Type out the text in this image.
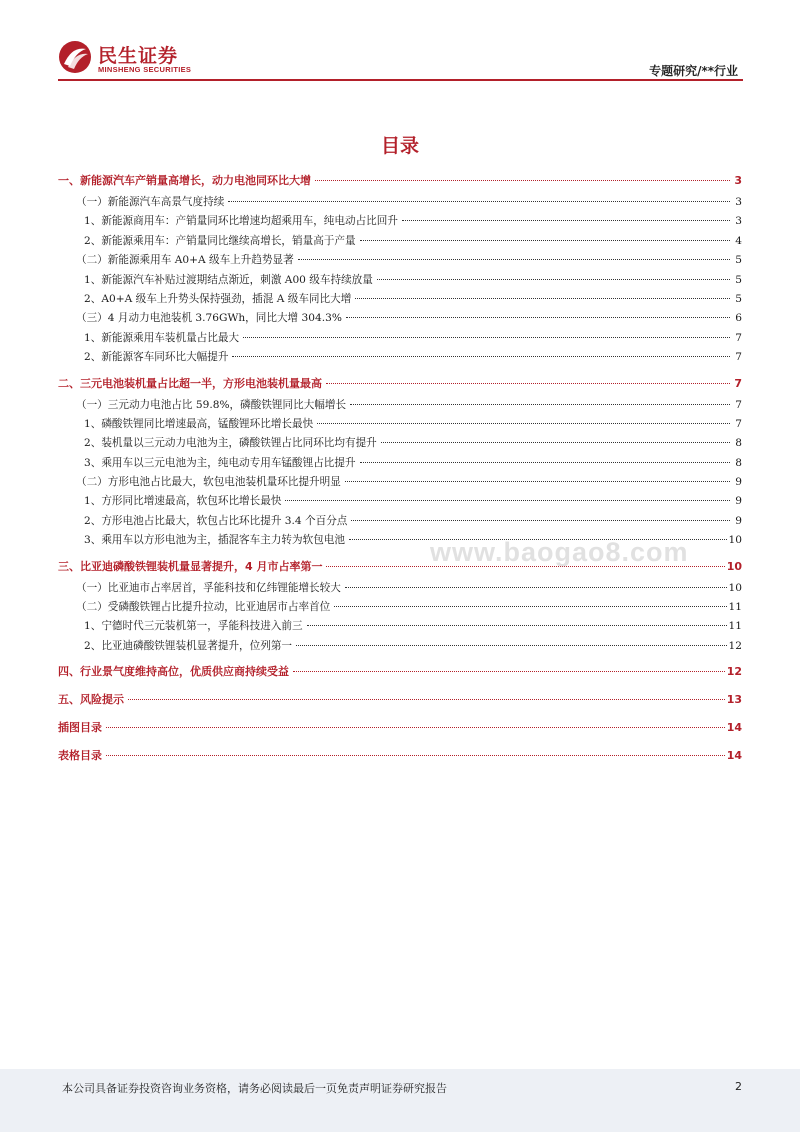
民生证券
MINSHENG SECURITIES	专题研究/**行业
目录
一、新能源汽车产销量高增长，动力电池同环比大增	3
（一）新能源汽车高景气度持续	3
1、新能源商用车：产销量同环比增速均超乘用车，纯电动占比回升	3
2、新能源乘用车：产销量同比继续高增长，销量高于产量	4
（二）新能源乘用车 A0+A 级车上升趋势显著	5
1、新能源汽车补贴过渡期结点渐近，刺激 A00 级车持续放量	5
2、A0+A 级车上升势头保持强劲，插混 A 级车同比大增	5
（三）4 月动力电池装机 3.76GWh，同比大增 304.3%	6
1、新能源乘用车装机量占比最大	7
2、新能源客车同环比大幅提升	7
二、三元电池装机量占比超一半，方形电池装机量最高	7
（一）三元动力电池占比 59.8%，磷酸铁锂同比大幅增长	7
1、磷酸铁锂同比增速最高，锰酸锂环比增长最快	7
2、装机量以三元动力电池为主，磷酸铁锂占比同环比均有提升	8
3、乘用车以三元电池为主，纯电动专用车锰酸锂占比提升	8
（二）方形电池占比最大，软包电池装机量环比提升明显	9
1、方形同比增速最高，软包环比增长最快	9
2、方形电池占比最大，软包占比环比提升 3.4 个百分点	9
3、乘用车以方形电池为主，插混客车主力转为软包电池	10
三、比亚迪磷酸铁锂装机量显著提升，4 月市占率第一	10
（一）比亚迪市占率居首，孚能科技和亿纬锂能增长较大	10
（二）受磷酸铁锂占比提升拉动，比亚迪居市占率首位	11
1、宁德时代三元装机第一，孚能科技进入前三	11
2、比亚迪磷酸铁锂装机显著提升，位列第一	12
四、行业景气度维持高位，优质供应商持续受益	12
五、风险提示	13
插图目录	14
表格目录	14
www.baogao8.com
本公司具备证券投资咨询业务资格，请务必阅读最后一页免责声明证券研究报告	2
